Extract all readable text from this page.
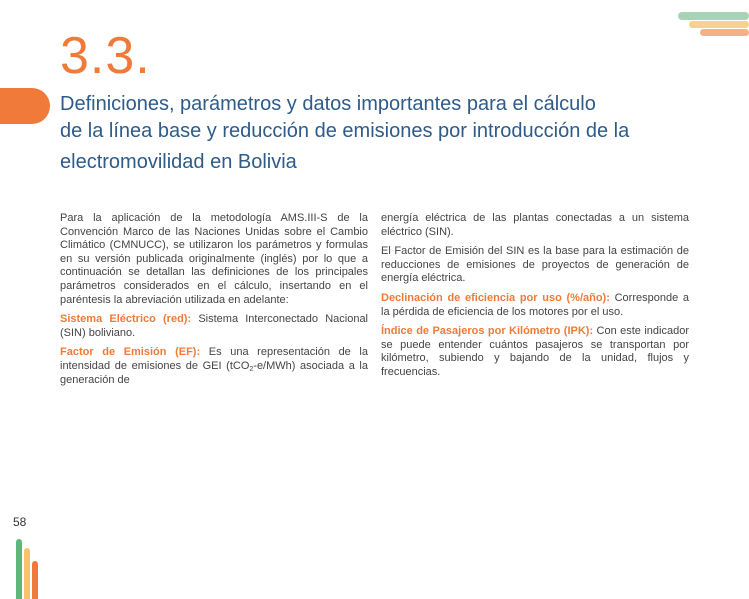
3.3.
Definiciones, parámetros y datos importantes para el cálculo
de la línea base y reducción de emisiones por introducción de la
electromovilidad en Bolivia

Para la aplicación de la metodología AMS.III-S de la Convención Marco de las Naciones Unidas sobre el Cambio Climático (CMNUCC), se utilizaron los parámetros y formulas en su versión publicada originalmente (inglés) por lo que a continuación se detallan las definiciones de los principales parámetros considerados en el cálculo, insertando en el paréntesis la abreviación utilizada en adelante:

Sistema Eléctrico (red): Sistema Interconectado Nacional (SIN) boliviano.

Factor de Emisión (EF): Es una representación de la intensidad de emisiones de GEI (tCO$_2$-e/MWh) asociada a la generación de

energía eléctrica de las plantas conectadas a un sistema eléctrico (SIN).

El Factor de Emisión del SIN es la base para la estimación de reducciones de emisiones de proyectos de generación de energía eléctrica.

Declinación de eficiencia por uso (%/año): Corresponde a la pérdida de eficiencia de los motores por el uso.

Índice de Pasajeros por Kilómetro (IPK): Con este indicador se puede entender cuántos pasajeros se transportan por kilómetro, subiendo y bajando de la unidad, flujos y frecuencias.

58
